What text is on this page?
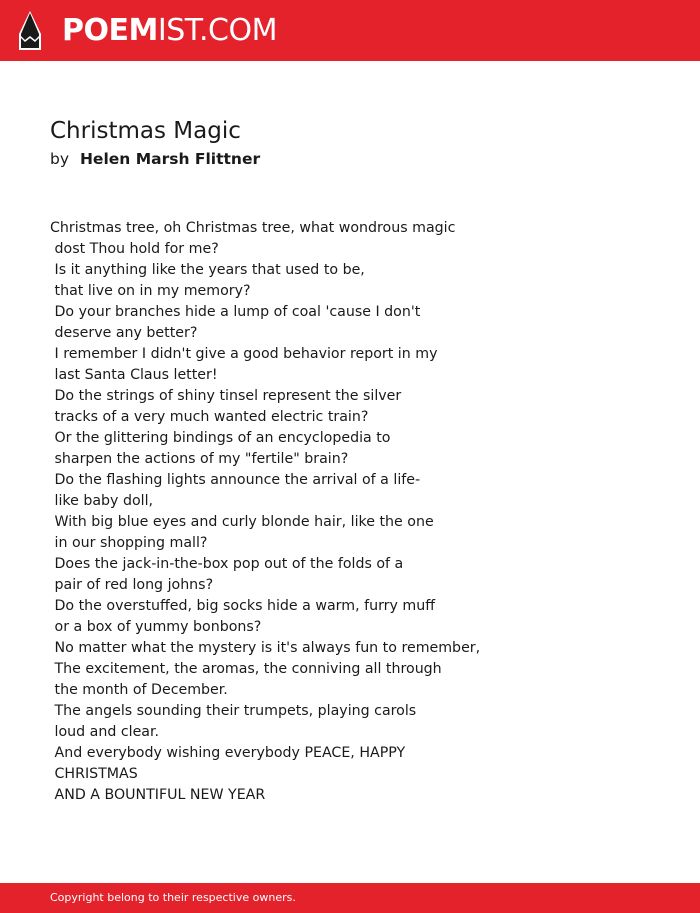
POEMIST.COM
Christmas Magic
by Helen Marsh Flittner
Christmas tree, oh Christmas tree, what wondrous magic
dost Thou hold for me?
Is it anything like the years that used to be,
that live on in my memory?
Do your branches hide a lump of coal 'cause I don't
deserve any better?
I remember I didn't give a good behavior report in my
last Santa Claus letter!
Do the strings of shiny tinsel represent the silver
tracks of a very much wanted electric train?
Or the glittering bindings of an encyclopedia to
sharpen the actions of my "fertile" brain?
Do the flashing lights announce the arrival of a life-
like baby doll,
With big blue eyes and curly blonde hair, like the one
in our shopping mall?
Does the jack-in-the-box pop out of the folds of a
pair of red long johns?
Do the overstuffed, big socks hide a warm, furry muff
or a box of yummy bonbons?
No matter what the mystery is it's always fun to remember,
The excitement, the aromas, the conniving all through
the month of December.
The angels sounding their trumpets, playing carols
loud and clear.
And everybody wishing everybody PEACE, HAPPY
CHRISTMAS
AND A BOUNTIFUL NEW YEAR
Copyright belong to their respective owners.
